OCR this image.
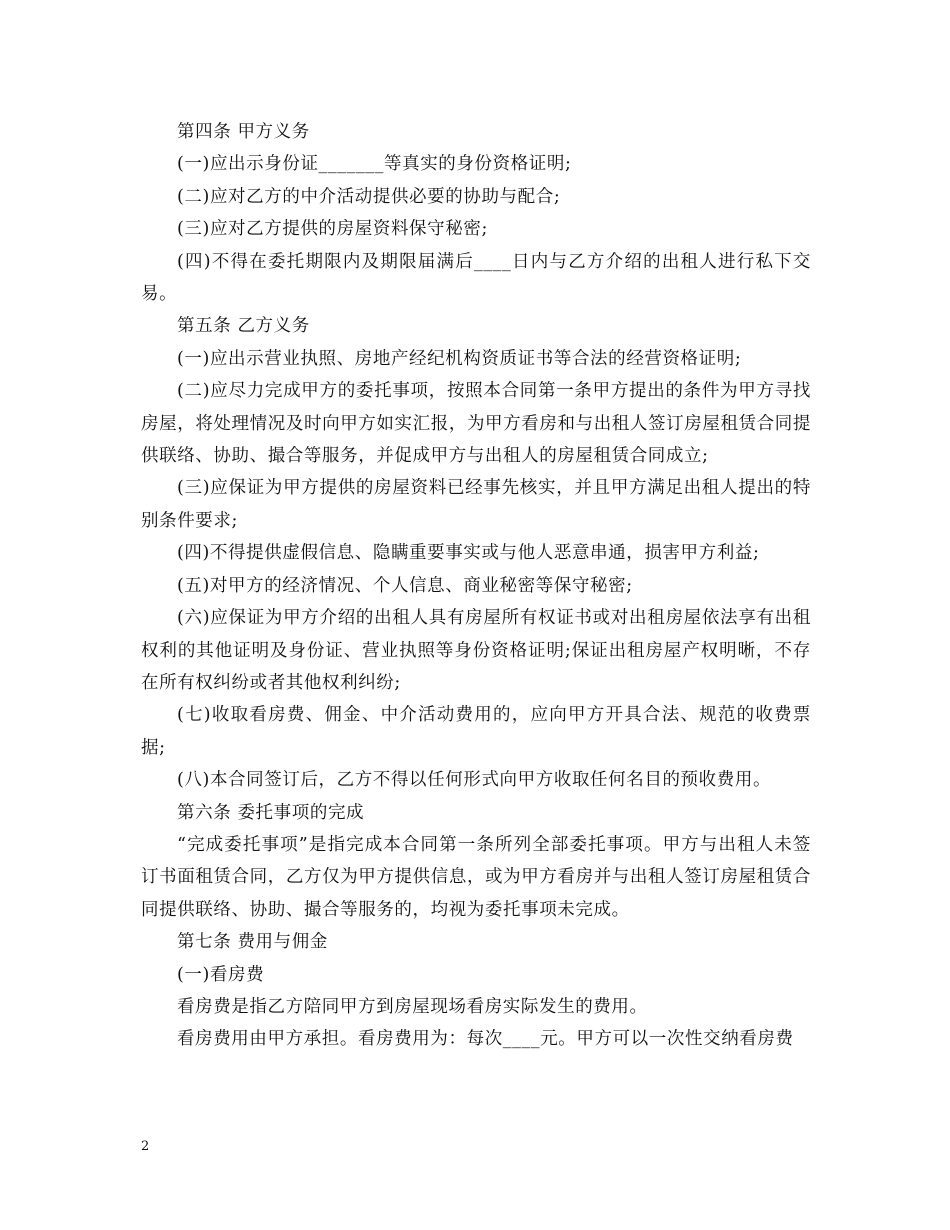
第四条 甲方义务

(一)应出示身份证_______等真实的身份资格证明;

(二)应对乙方的中介活动提供必要的协助与配合;

(三)应对乙方提供的房屋资料保守秘密;

(四)不得在委托期限内及期限届满后____日内与乙方介绍的出租人进行私下交易。

第五条 乙方义务

(一)应出示营业执照、房地产经纪机构资质证书等合法的经营资格证明;

(二)应尽力完成甲方的委托事项，按照本合同第一条甲方提出的条件为甲方寻找房屋，将处理情况及时向甲方如实汇报，为甲方看房和与出租人签订房屋租赁合同提供联络、协助、撮合等服务，并促成甲方与出租人的房屋租赁合同成立;

(三)应保证为甲方提供的房屋资料已经事先核实，并且甲方满足出租人提出的特别条件要求;

(四)不得提供虚假信息、隐瞒重要事实或与他人恶意串通，损害甲方利益;

(五)对甲方的经济情况、个人信息、商业秘密等保守秘密;

(六)应保证为甲方介绍的出租人具有房屋所有权证书或对出租房屋依法享有出租权利的其他证明及身份证、营业执照等身份资格证明;保证出租房屋产权明晰，不存在所有权纠纷或者其他权利纠纷;

(七)收取看房费、佣金、中介活动费用的，应向甲方开具合法、规范的收费票据;

(八)本合同签订后，乙方不得以任何形式向甲方收取任何名目的预收费用。

第六条 委托事项的完成

“完成委托事项”是指完成本合同第一条所列全部委托事项。甲方与出租人未签订书面租赁合同，乙方仅为甲方提供信息，或为甲方看房并与出租人签订房屋租赁合同提供联络、协助、撮合等服务的，均视为委托事项未完成。

第七条 费用与佣金

(一)看房费

看房费是指乙方陪同甲方到房屋现场看房实际发生的费用。

看房费用由甲方承担。看房费用为：每次____元。甲方可以一次性交纳看房费

2
